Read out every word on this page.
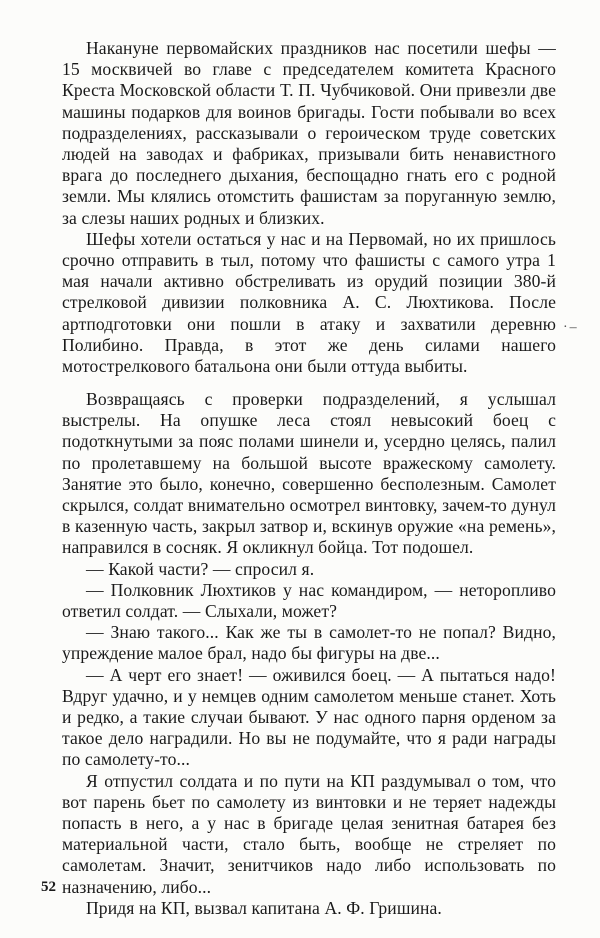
Накануне первомайских праздников нас посетили шефы — 15 москвичей во главе с председателем комитета Красного Креста Московской области Т. П. Чубчиковой. Они привезли две машины подарков для воинов бригады. Гости побывали во всех подразделениях, рассказывали о героическом труде советских людей на заводах и фабриках, призывали бить ненавистного врага до последнего дыхания, беспощадно гнать его с родной земли. Мы клялись отомстить фашистам за поруганную землю, за слезы наших родных и близких.

Шефы хотели остаться у нас и на Первомай, но их пришлось срочно отправить в тыл, потому что фашисты с самого утра 1 мая начали активно обстреливать из орудий позиции 380-й стрелковой дивизии полковника А. С. Люхтикова. После артподготовки они пошли в атаку и захватили деревню Полибино. Правда, в этот же день силами нашего мотострелкового батальона они были оттуда выбиты.

·–

Возвращаясь с проверки подразделений, я услышал выстрелы. На опушке леса стоял невысокий боец с подоткнутыми за пояс полами шинели и, усердно целясь, палил по пролетавшему на большой высоте вражескому самолету. Занятие это было, конечно, совершенно бесполезным. Самолет скрылся, солдат внимательно осмотрел винтовку, зачем-то дунул в казенную часть, закрыл затвор и, вскинув оружие «на ремень», направился в сосняк. Я окликнул бойца. Тот подошел.

— Какой части? — спросил я.

— Полковник Люхтиков у нас командиром, — неторопливо ответил солдат. — Слыхали, может?

— Знаю такого... Как же ты в самолет-то не попал? Видно, упреждение малое брал, надо бы фигуры на две...

— А черт его знает! — оживился боец. — А пытаться надо! Вдруг удачно, и у немцев одним самолетом меньше станет. Хоть и редко, а такие случаи бывают. У нас одного парня орденом за такое дело наградили. Но вы не подумайте, что я ради награды по самолету-то...

Я отпустил солдата и по пути на КП раздумывал о том, что вот парень бьет по самолету из винтовки и не теряет надежды попасть в него, а у нас в бригаде целая зенитная батарея без материальной части, стало быть, вообще не стреляет по самолетам. Значит, зенитчиков надо либо использовать по назначению, либо...

Придя на КП, вызвал капитана А. Ф. Гришина.

52
